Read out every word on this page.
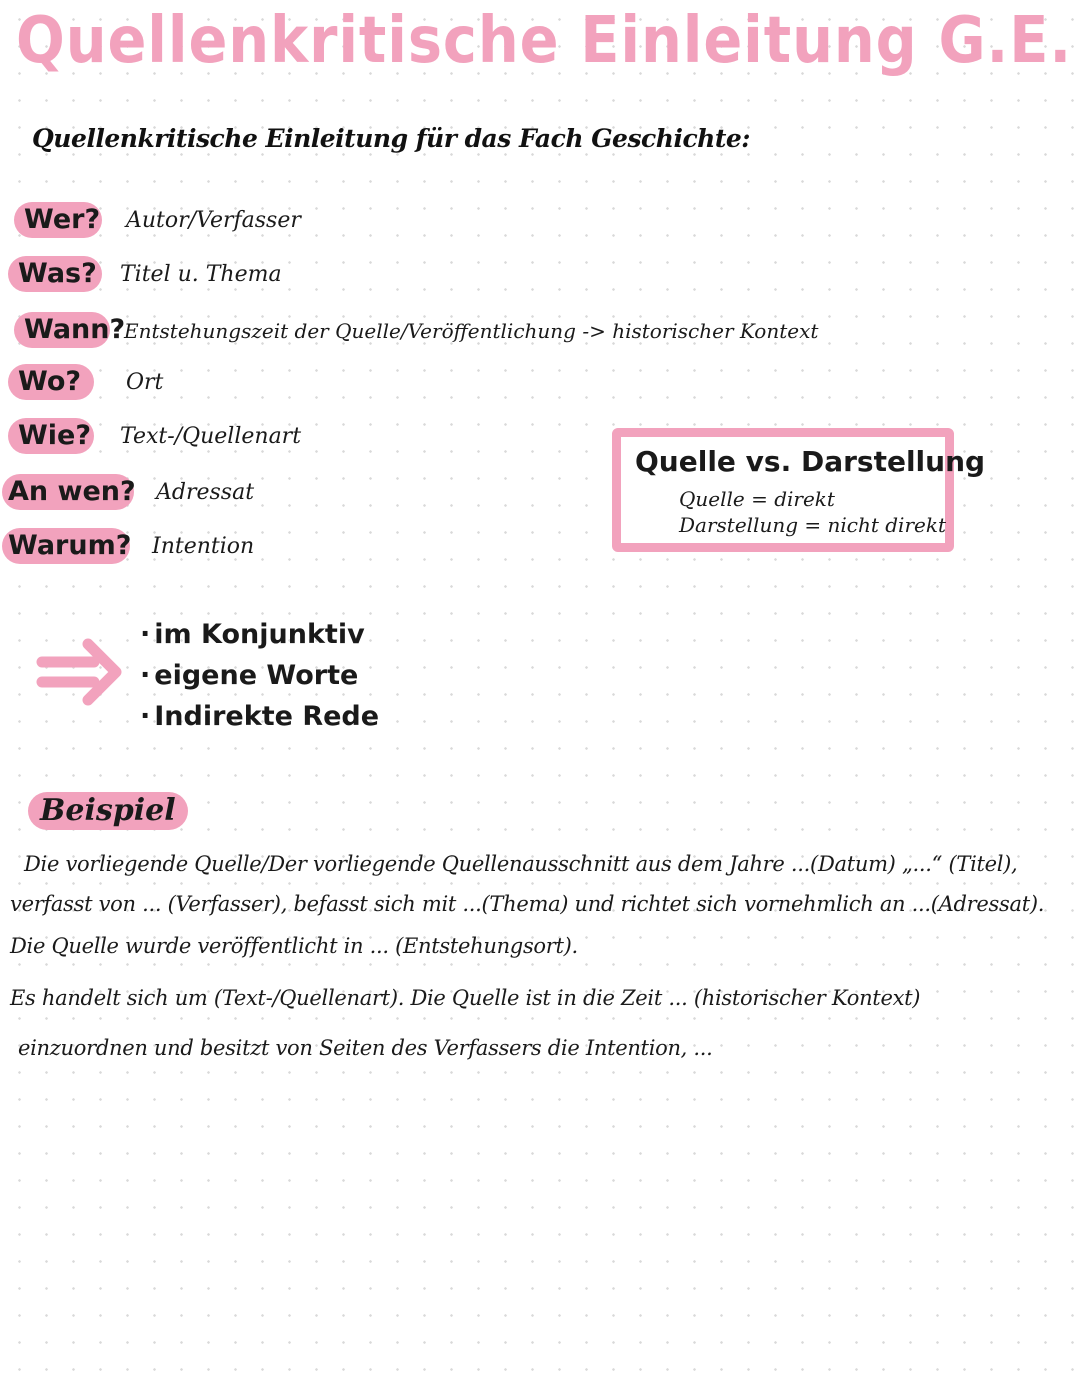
Quellenkritische Einleitung G.E.
Quellenkritische Einleitung für das Fach Geschichte:
Wer? Autor/Verfasser
Was? Titel u. Thema
Wann?
Entstehungszeit der Quelle/Veröffentlichung -> historischer Kontext
Wo?	Ort
Wie? Text-/Quellenart
An wen? Adressat
Warum? Intention
Quelle vs. Darstellung
Quelle = direkt
Darstellung = nicht direkt
· im Konjunktiv
· eigene Worte
· Indirekte Rede
Beispiel
Die vorliegende Quelle/Der vorliegende Quellenausschnitt aus dem Jahre ...(Datum) „...“ (Titel),
verfasst von ... (Verfasser), befasst sich mit ...(Thema) und richtet sich vornehmlich an ...(Adressat).
Die Quelle wurde veröffentlicht in ... (Entstehungsort).
Es handelt sich um (Text-/Quellenart). Die Quelle ist in die Zeit ... (historischer Kontext)
einzuordnen und besitzt von Seiten des Verfassers die Intention, ...
